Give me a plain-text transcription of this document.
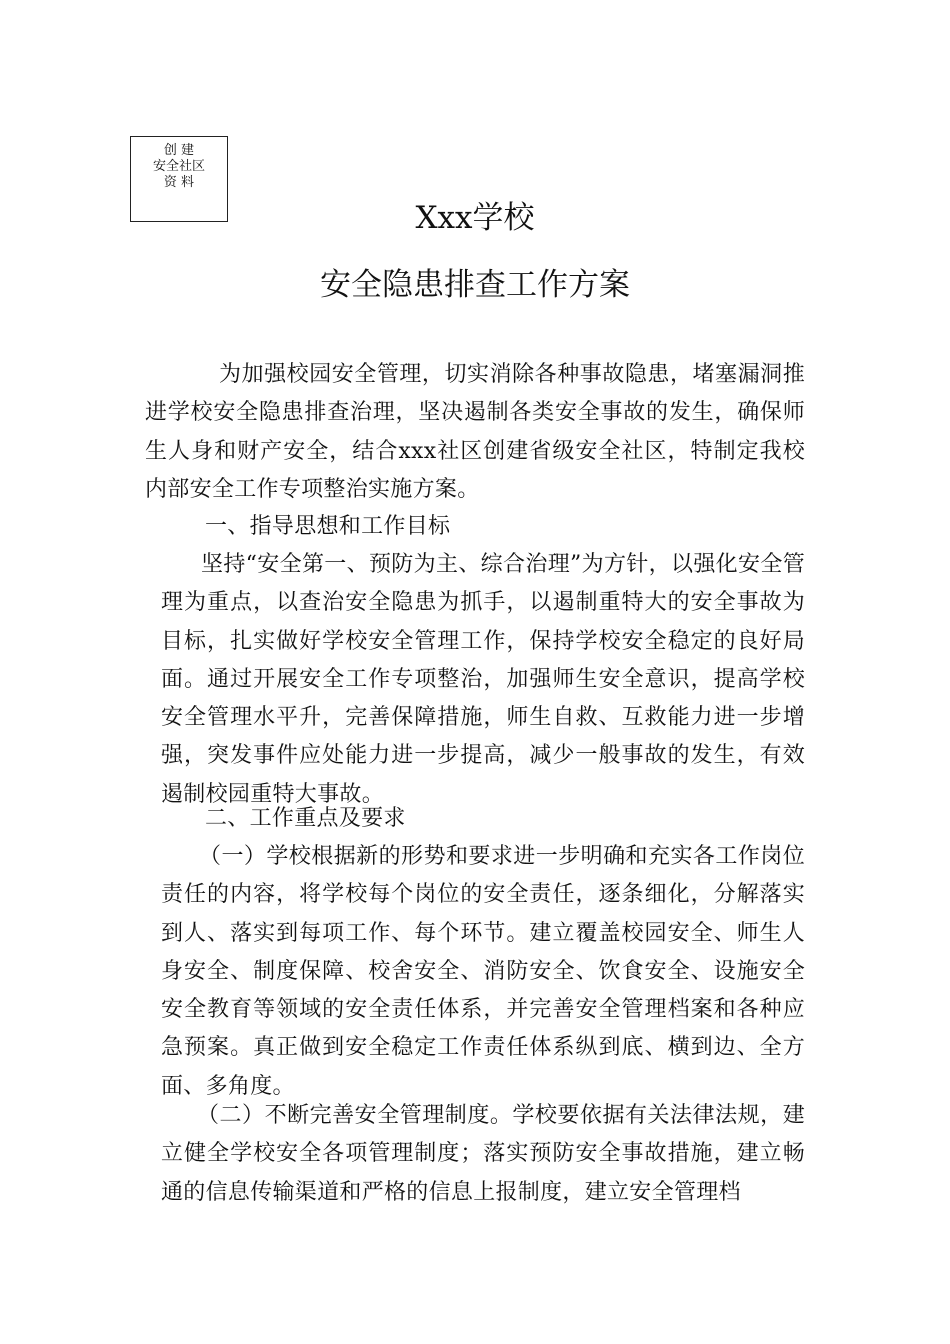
创 建
安全社区
资 料
Xxx学校
安全隐患排查工作方案
为加强校园安全管理，切实消除各种事故隐患，堵塞漏洞推进学校安全隐患排查治理，坚决遏制各类安全事故的发生，确保师生人身和财产安全，结合xxx社区创建省级安全社区，特制定我校内部安全工作专项整治实施方案。
一、指导思想和工作目标
坚持“安全第一、预防为主、综合治理”为方针，以强化安全管理为重点，以查治安全隐患为抓手，以遏制重特大的安全事故为目标，扎实做好学校安全管理工作，保持学校安全稳定的良好局面。通过开展安全工作专项整治，加强师生安全意识，提高学校安全管理水平升，完善保障措施，师生自救、互救能力进一步增强，突发事件应处能力进一步提高，减少一般事故的发生，有效遏制校园重特大事故。
二、工作重点及要求
（一）学校根据新的形势和要求进一步明确和充实各工作岗位责任的内容，将学校每个岗位的安全责任，逐条细化，分解落实到人、落实到每项工作、每个环节。建立覆盖校园安全、师生人身安全、制度保障、校舍安全、消防安全、饮食安全、设施安全安全教育等领域的安全责任体系，并完善安全管理档案和各种应急预案。真正做到安全稳定工作责任体系纵到底、横到边、全方面、多角度。
（二）不断完善安全管理制度。学校要依据有关法律法规，建立健全学校安全各项管理制度；落实预防安全事故措施，建立畅通的信息传输渠道和严格的信息上报制度，建立安全管理档
